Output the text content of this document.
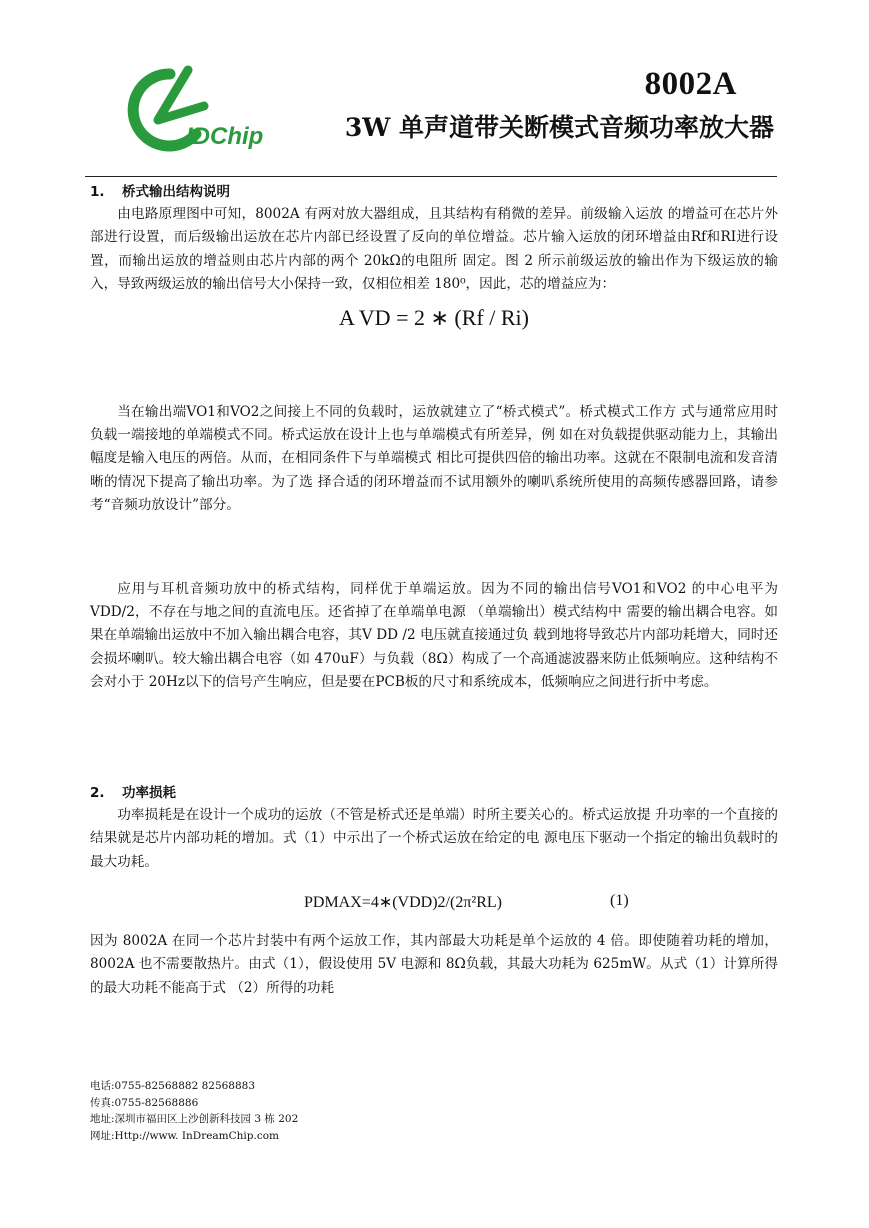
IDChip
8002A
3W 单声道带关断模式音频功率放大器
1. 桥式输出结构说明

由电路原理图中可知，8002A 有两对放大器组成，且其结构有稍微的差异。前级输入运放 的增益可在芯片外部进行设置，而后级输出运放在芯片内部已经设置了反向的单位增益。芯片输入运放的闭环增益由Rf和RI进行设置，而输出运放的增益则由芯片内部的两个 20kΩ的电阻所 固定。图 2 所示前级运放的输出作为下级运放的输入，导致两级运放的输出信号大小保持一致，仅相位相差 180⁰，因此，芯的增益应为：

A VD = 2 ∗ (Rf / Ri)

当在输出端VO1和VO2之间接上不同的负载时，运放就建立了“桥式模式”。桥式模式工作方 式与通常应用时负载一端接地的单端模式不同。桥式运放在设计上也与单端模式有所差异，例 如在对负载提供驱动能力上，其输出幅度是输入电压的两倍。从而，在相同条件下与单端模式 相比可提供四倍的输出功率。这就在不限制电流和发音清晰的情况下提高了输出功率。为了选 择合适的闭环增益而不试用额外的喇叭系统所使用的高频传感器回路，请参考“音频功放设计”部分。

应用与耳机音频功放中的桥式结构，同样优于单端运放。因为不同的输出信号VO1和VO2 的中心电平为VDD/2，不存在与地之间的直流电压。还省掉了在单端单电源 （单端输出）模式结构中 需要的输出耦合电容。如果在单端输出运放中不加入输出耦合电容，其V DD /2 电压就直接通过负 载到地将导致芯片内部功耗增大，同时还会损坏喇叭。较大输出耦合电容（如 470uF）与负载（8Ω）构成了一个高通滤波器来防止低频响应。这种结构不会对小于 20Hz以下的信号产生响应，但是要在PCB板的尺寸和系统成本，低频响应之间进行折中考虑。

2. 功率损耗

功率损耗是在设计一个成功的运放（不管是桥式还是单端）时所主要关心的。桥式运放提 升功率的一个直接的结果就是芯片内部功耗的增加。式（1）中示出了一个桥式运放在给定的电 源电压下驱动一个指定的输出负载时的最大功耗。

PDMAX=4∗(VDD)2/(2π²RL)	(1)

因为 8002A 在同一个芯片封装中有两个运放工作，其内部最大功耗是单个运放的 4 倍。即使随着功耗的增加，8002A 也不需要散热片。由式（1），假设使用 5V 电源和 8Ω负载，其最大功耗为 625mW。从式（1）计算所得的最大功耗不能高于式 （2）所得的功耗

电话:0755-82568882 82568883
传真:0755-82568886
地址:深圳市福田区上沙创新科技园 3 栋 202
网址:Http://www. InDreamChip.com
